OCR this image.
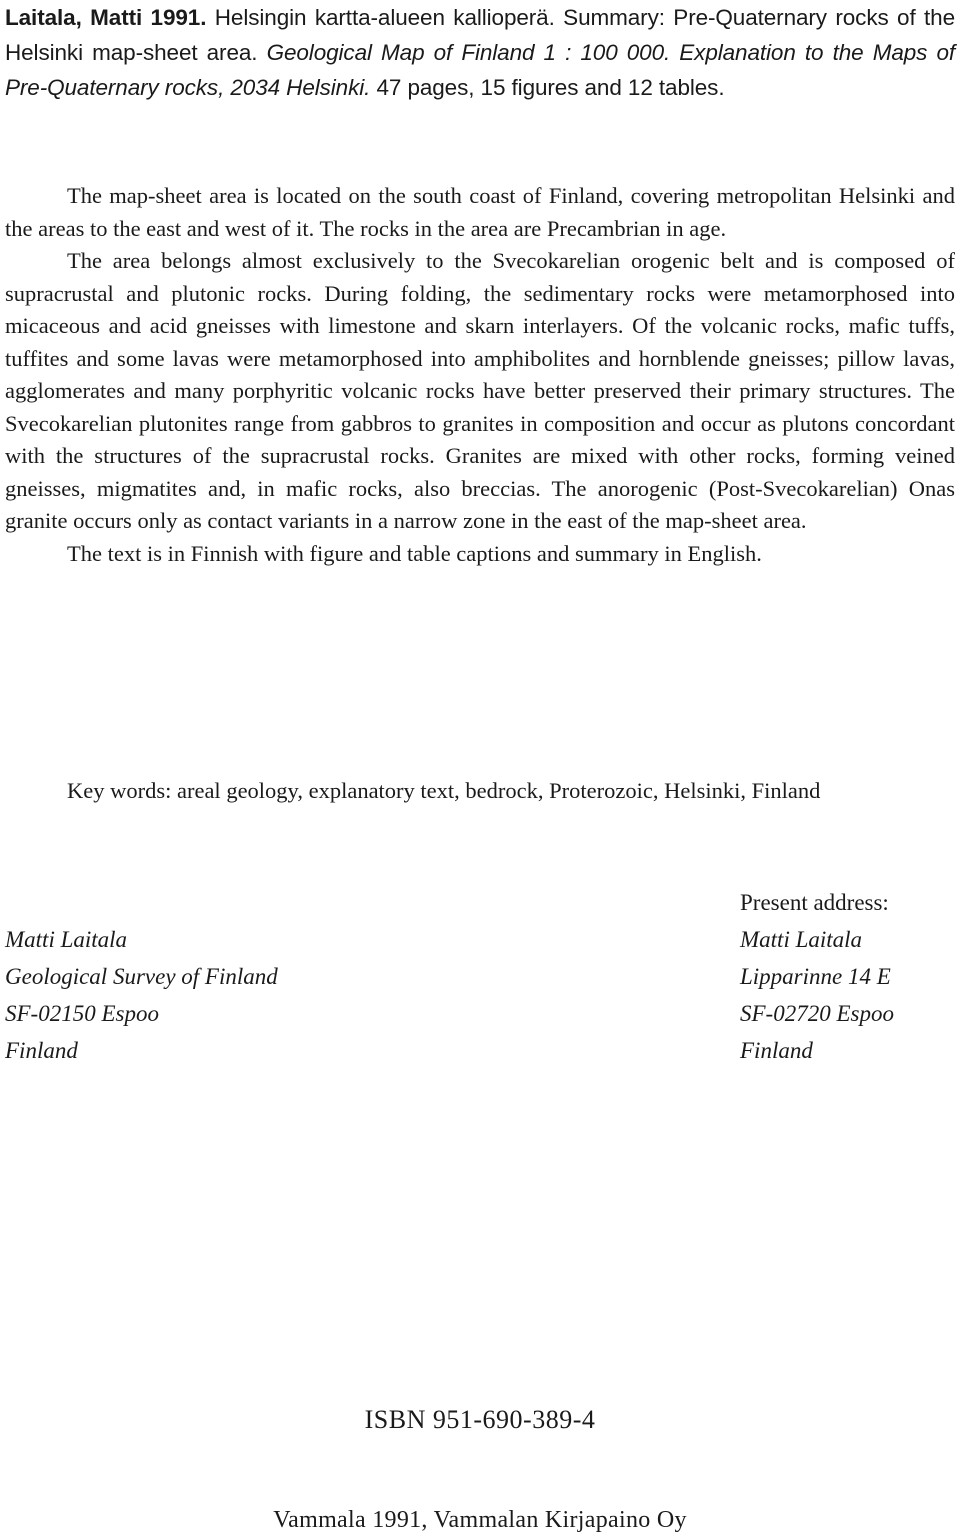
Laitala, Matti 1991. Helsingin kartta-alueen kallioperä. Summary: Pre-Quaternary rocks of the Helsinki map-sheet area. Geological Map of Finland 1 : 100 000. Explanation to the Maps of Pre-Quaternary rocks, 2034 Helsinki. 47 pages, 15 figures and 12 tables.

The map-sheet area is located on the south coast of Finland, covering metropolitan Helsinki and the areas to the east and west of it. The rocks in the area are Precambrian in age.

The area belongs almost exclusively to the Svecokarelian orogenic belt and is composed of supracrustal and plutonic rocks. During folding, the sedimentary rocks were metamorphosed into micaceous and acid gneisses with limestone and skarn interlayers. Of the volcanic rocks, mafic tuffs, tuffites and some lavas were metamorphosed into amphibolites and hornblende gneisses; pillow lavas, agglomerates and many porphyritic volcanic rocks have better preserved their primary structures. The Svecokarelian plutonites range from gabbros to granites in composition and occur as plutons concordant with the structures of the supracrustal rocks. Granites are mixed with other rocks, forming veined gneisses, migmatites and, in mafic rocks, also breccias. The anorogenic (Post-Svecokarelian) Onas granite occurs only as contact variants in a narrow zone in the east of the map-sheet area.

The text is in Finnish with figure and table captions and summary in English.

Key words: areal geology, explanatory text, bedrock, Proterozoic, Helsinki, Finland

Matti Laitala
Geological Survey of Finland
SF-02150 Espoo
Finland
Present address:
Matti Laitala
Lipparinne 14 E
SF-02720 Espoo
Finland
ISBN 951-690-389-4
Vammala 1991, Vammalan Kirjapaino Oy
